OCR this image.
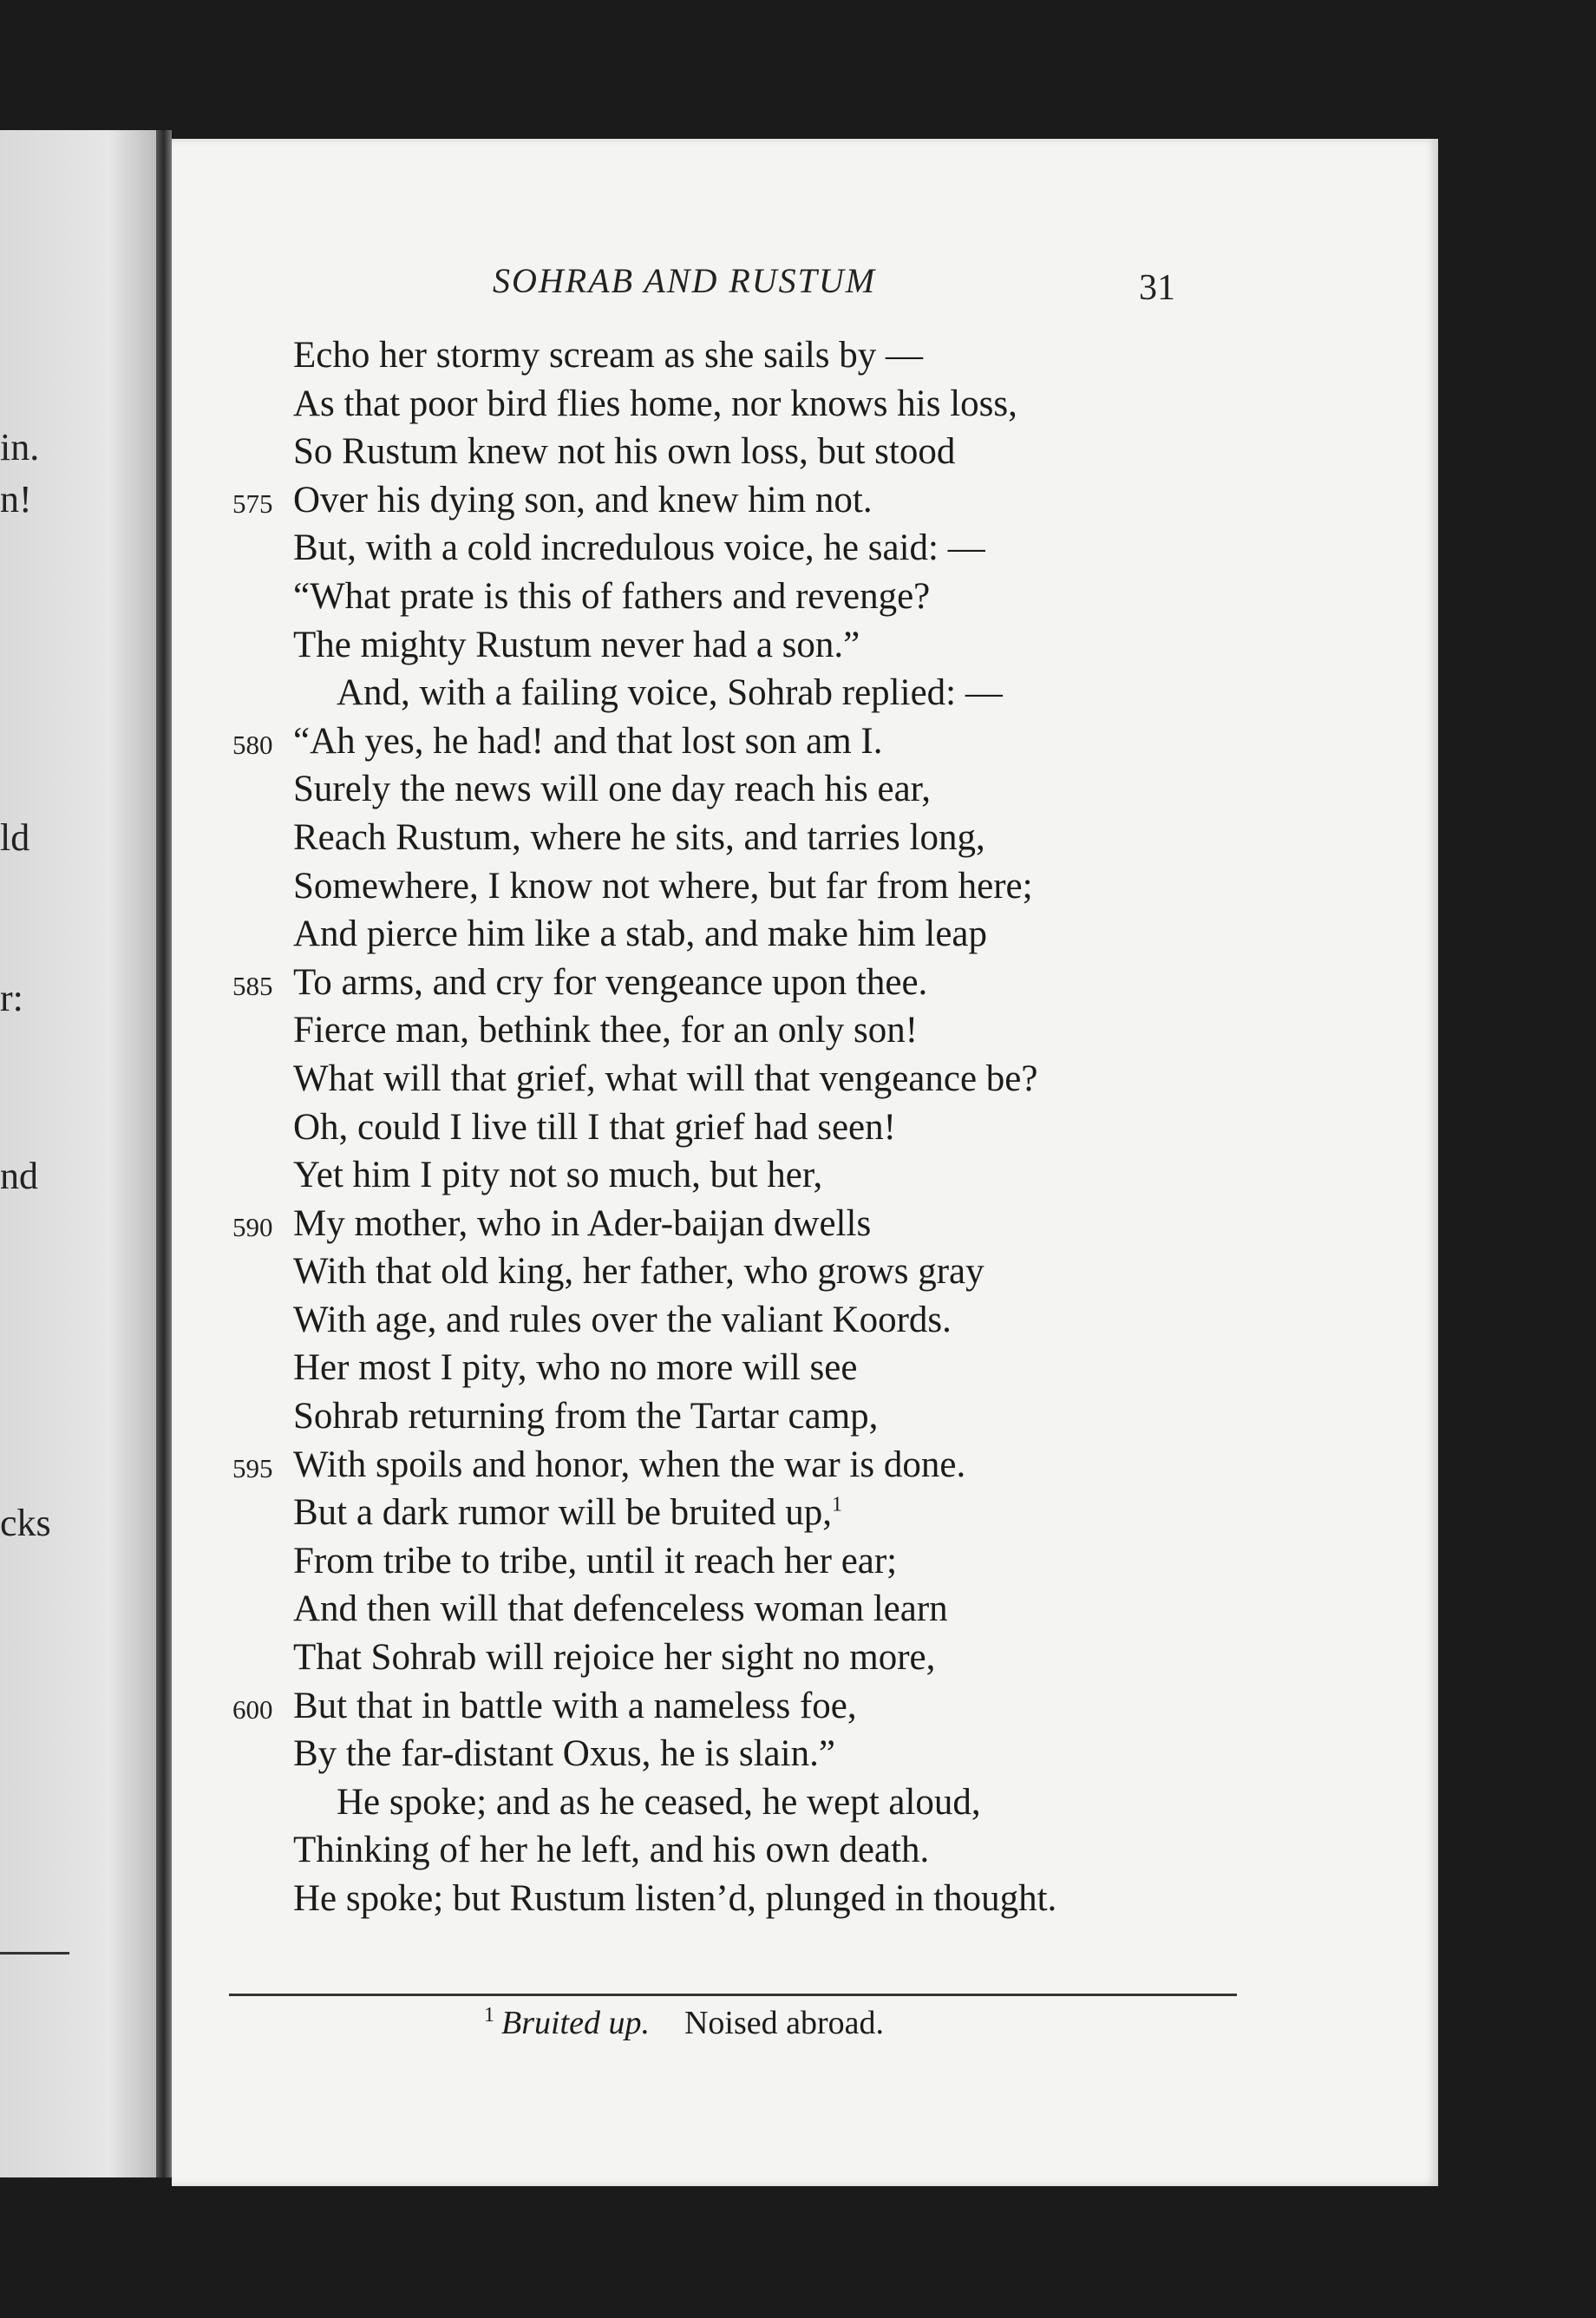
in.
n!
ld
r:
nd
cks
SOHRAB AND RUSTUM	31
Echo her stormy scream as she sails by —
As that poor bird flies home, nor knows his loss,
So Rustum knew not his own loss, but stood
575 Over his dying son, and knew him not.
But, with a cold incredulous voice, he said: —
“What prate is this of fathers and revenge?
The mighty Rustum never had a son.”
And, with a failing voice, Sohrab replied: —
580 “Ah yes, he had! and that lost son am I.
Surely the news will one day reach his ear,
Reach Rustum, where he sits, and tarries long,
Somewhere, I know not where, but far from here;
And pierce him like a stab, and make him leap
585 To arms, and cry for vengeance upon thee.
Fierce man, bethink thee, for an only son!
What will that grief, what will that vengeance be?
Oh, could I live till I that grief had seen!
Yet him I pity not so much, but her,
590 My mother, who in Ader-baijan dwells
With that old king, her father, who grows gray
With age, and rules over the valiant Koords.
Her most I pity, who no more will see
Sohrab returning from the Tartar camp,
595 With spoils and honor, when the war is done.
But a dark rumor will be bruited up,$^1$
From tribe to tribe, until it reach her ear;
And then will that defenceless woman learn
That Sohrab will rejoice her sight no more,
600 But that in battle with a nameless foe,
By the far-distant Oxus, he is slain.”
He spoke; and as he ceased, he wept aloud,
Thinking of her he left, and his own death.
He spoke; but Rustum listen’d, plunged in thought.
$^1$ Bruited up. Noised abroad.
